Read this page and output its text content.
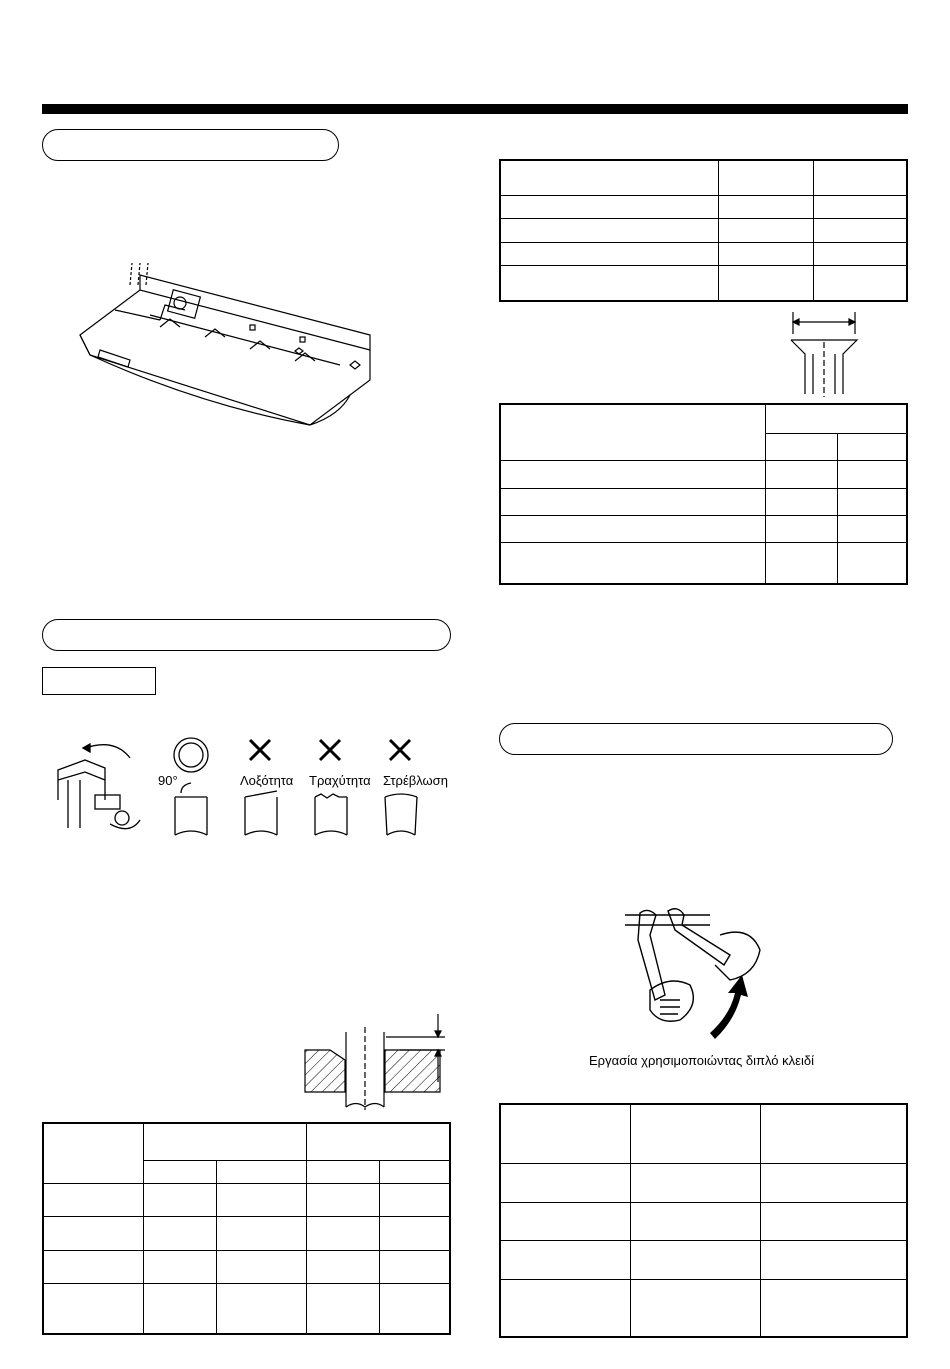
90°	Λοξότητα Τραχύτητα Στρέβλωση

Εργασία χρησιμοποιώντας διπλό κλειδί
